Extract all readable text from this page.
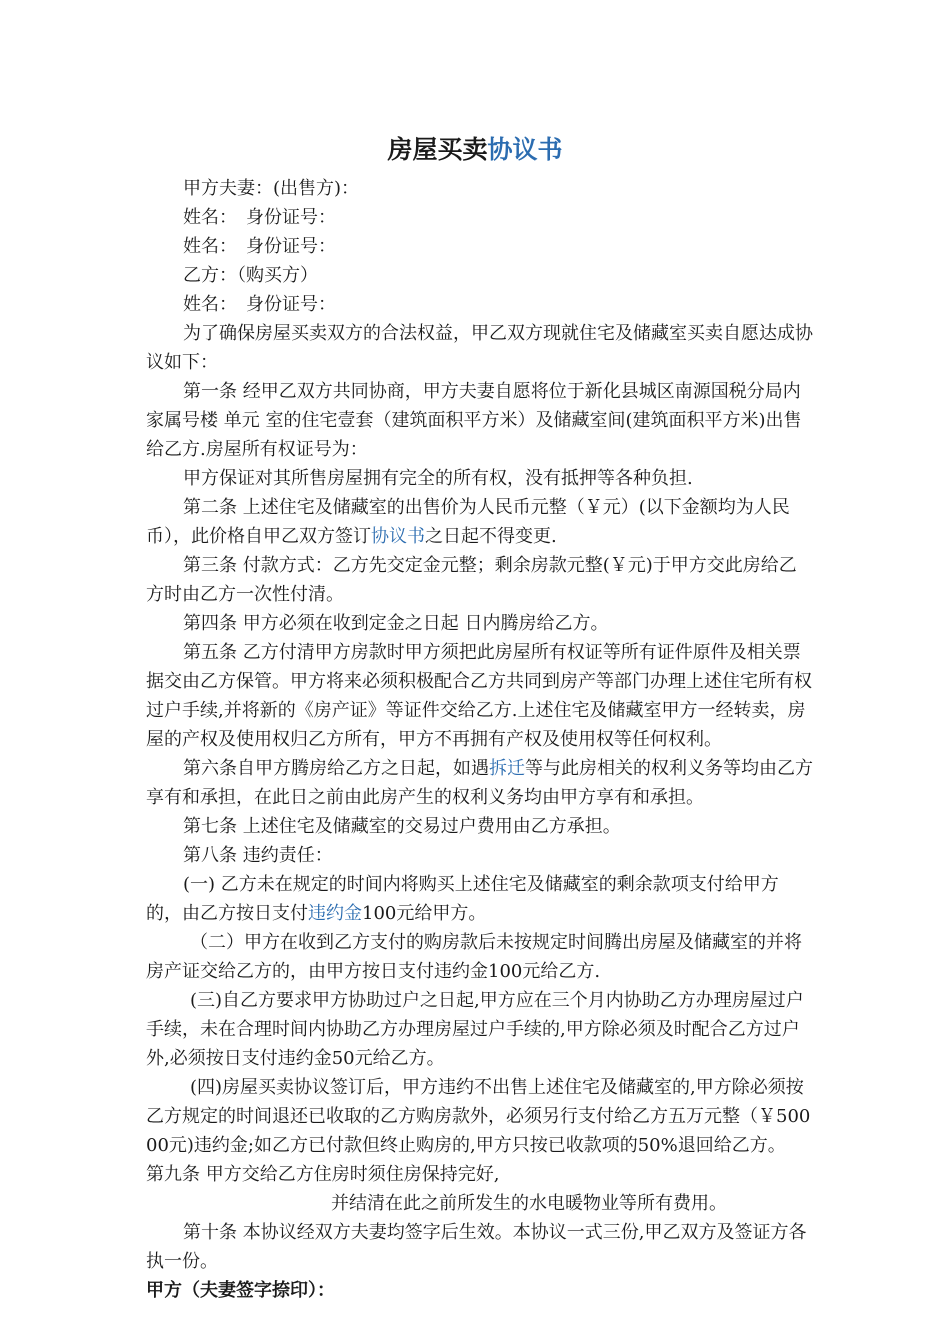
房屋买卖协议书

甲方夫妻：(出售方)：

姓名：　身份证号：

姓名：　身份证号：

乙方：（购买方）

姓名：　身份证号：

为了确保房屋买卖双方的合法权益，甲乙双方现就住宅及储藏室买卖自愿达成协议如下：

第一条 经甲乙双方共同协商，甲方夫妻自愿将位于新化县城区南源国税分局内家属号楼 单元 室的住宅壹套（建筑面积平方米）及储藏室间(建筑面积平方米)出售给乙方.房屋所有权证号为：

甲方保证对其所售房屋拥有完全的所有权，没有抵押等各种负担.

第二条 上述住宅及储藏室的出售价为人民币元整（￥元）(以下金额均为人民币），此价格自甲乙双方签订协议书之日起不得变更.

第三条 付款方式：乙方先交定金元整；剩余房款元整(￥元)于甲方交此房给乙方时由乙方一次性付清。

第四条 甲方必须在收到定金之日起 日内腾房给乙方。

第五条 乙方付清甲方房款时甲方须把此房屋所有权证等所有证件原件及相关票据交由乙方保管。甲方将来必须积极配合乙方共同到房产等部门办理上述住宅所有权过户手续,并将新的《房产证》等证件交给乙方.上述住宅及储藏室甲方一经转卖，房屋的产权及使用权归乙方所有，甲方不再拥有产权及使用权等任何权利。

第六条自甲方腾房给乙方之日起，如遇拆迁等与此房相关的权利义务等均由乙方享有和承担，在此日之前由此房产生的权利义务均由甲方享有和承担。

第七条 上述住宅及储藏室的交易过户费用由乙方承担。

第八条 违约责任：

(一) 乙方未在规定的时间内将购买上述住宅及储藏室的剩余款项支付给甲方的，由乙方按日支付违约金100元给甲方。

（二）甲方在收到乙方支付的购房款后未按规定时间腾出房屋及储藏室的并将房产证交给乙方的，由甲方按日支付违约金100元给乙方.

(三)自乙方要求甲方协助过户之日起,甲方应在三个月内协助乙方办理房屋过户手续，未在合理时间内协助乙方办理房屋过户手续的,甲方除必须及时配合乙方过户外,必须按日支付违约金50元给乙方。

(四)房屋买卖协议签订后，甲方违约不出售上述住宅及储藏室的,甲方除必须按乙方规定的时间退还已收取的乙方购房款外，必须另行支付给乙方五万元整（￥50000元)违约金;如乙方已付款但终止购房的,甲方只按已收款项的50%退回给乙方。

第九条 甲方交给乙方住房时须住房保持完好,

并结清在此之前所发生的水电暖物业等所有费用。

第十条 本协议经双方夫妻均签字后生效。本协议一式三份,甲乙双方及签证方各执一份。

甲方（夫妻签字捺印）：
